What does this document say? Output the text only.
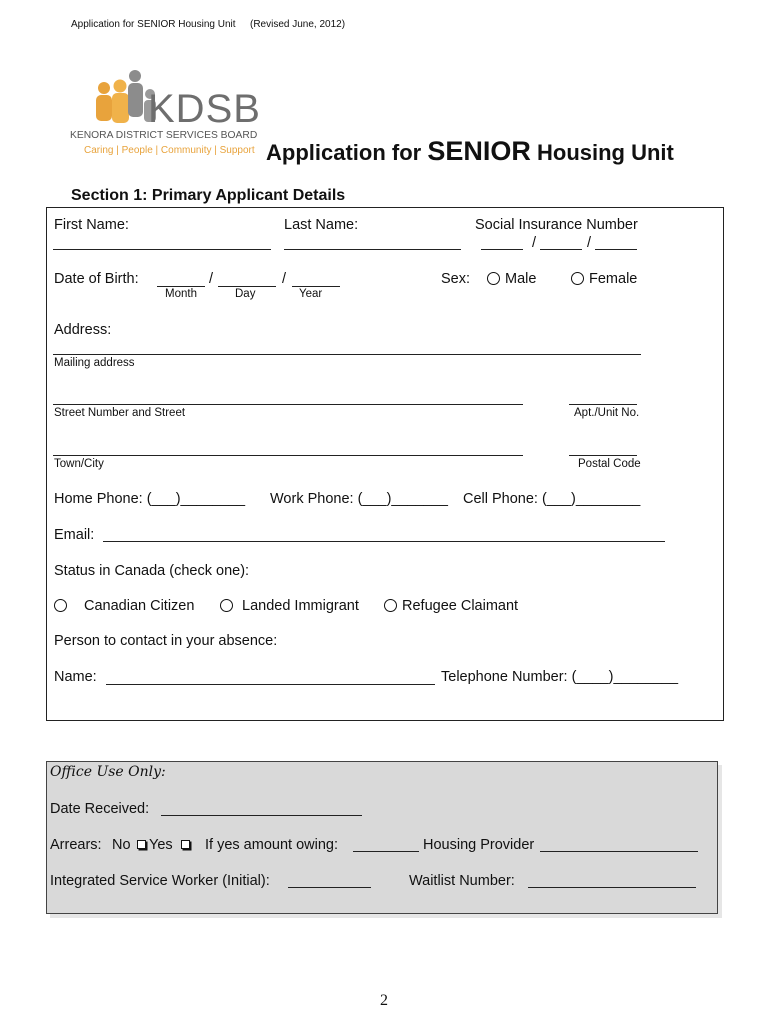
Application for SENIOR Housing Unit (Revised June, 2012)
KDSB
KENORA DISTRICT SERVICES BOARD
Caring | People | Community | Support Application for SENIOR Housing Unit
Section 1: Primary Applicant Details
First Name:	Last Name:	Social Insurance Number
/	/
Date of Birth:	/	/
Month	Day	Year
Sex: Male	Female
Address:
Mailing address
Street Number and Street	Apt./Unit No.
Town/City	Postal Code
Home Phone: (___)________ Work Phone: (___)_______ Cell Phone: (___)________
Email:
Status in Canada (check one):
Canadian Citizen	Landed Immigrant	Refugee Claimant
Person to contact in your absence:
Name:	Telephone Number: (____)________
Office Use Only:
Date Received:
Arrears: No Yes If yes amount owing:	Housing Provider
Integrated Service Worker (Initial):	Waitlist Number:
2
